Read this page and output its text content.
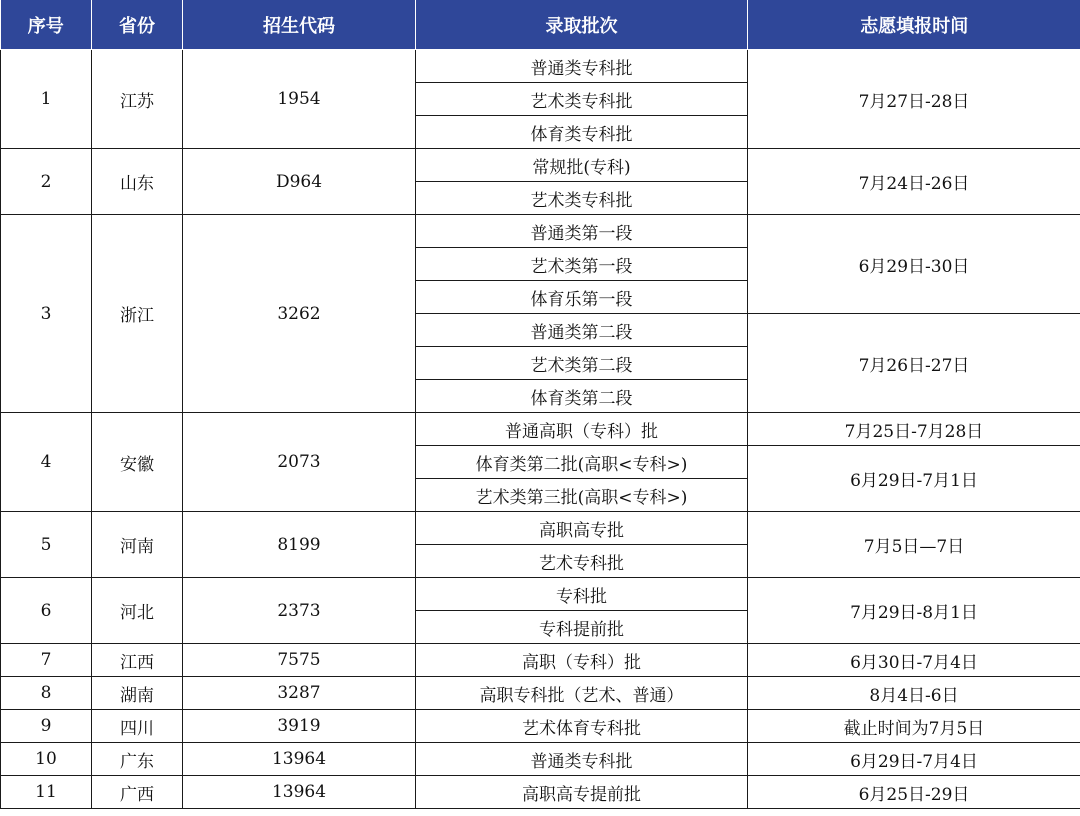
序号	省份	招生代码	录取批次	志愿填报时间
1	江苏	1954	普通类专科批	7月27日-28日
			艺术类专科批	
			体育类专科批	
2	山东	D964	常规批(专科)	7月24日-26日
			艺术类专科批	
3	浙江	3262	普通类第一段	6月29日-30日
			艺术类第一段	
			体育乐第一段	
			普通类第二段	7月26日-27日
			艺术类第二段	
			体育类第二段	
4	安徽	2073	普通高职（专科）批	7月25日-7月28日
			体育类第二批(高职<专科>)	6月29日-7月1日
			艺术类第三批(高职<专科>)	
5	河南	8199	高职高专批	7月5日—7日
			艺术专科批	
6	河北	2373	专科批	7月29日-8月1日
			专科提前批	
7	江西	7575	高职（专科）批	6月30日-7月4日
8	湖南	3287	高职专科批（艺术、普通）	8月4日-6日
9	四川	3919	艺术体育专科批	截止时间为7月5日
10	广东	13964	普通类专科批	6月29日-7月4日
11	广西	13964	高职高专提前批	6月25日-29日
